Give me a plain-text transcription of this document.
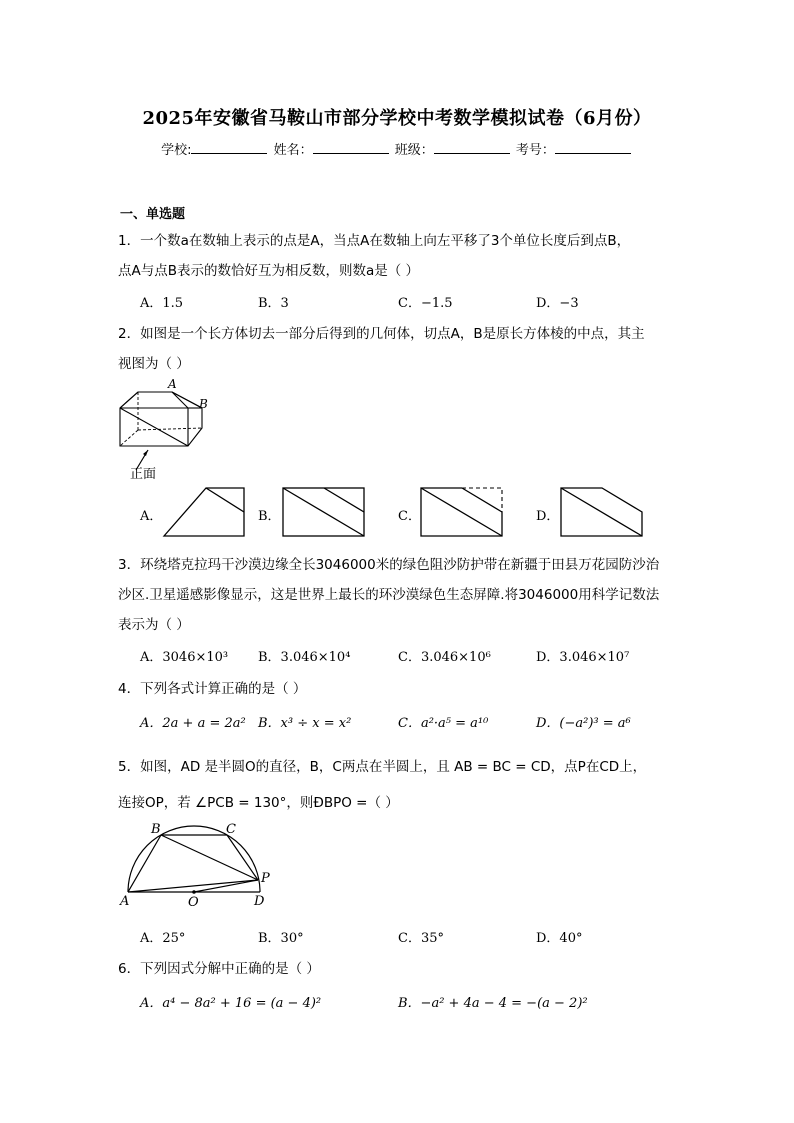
2025年安徽省马鞍山市部分学校中考数学模拟试卷（6月份）
学校:	姓名：	班级：	考号：
一、单选题
1．一个数a在数轴上表示的点是A，当点A在数轴上向左平移了3个单位长度后到点B，
点A与点B表示的数恰好互为相反数，则数a是（ ）
A．1.5	B．3	C．−1.5	D．−3
2．如图是一个长方体切去一部分后得到的几何体，切点A，B是原长方体棱的中点，其主
视图为（ ）
A
B
正面
A．	B．	C．	D．
3．环绕塔克拉玛干沙漠边缘全长3046000米的绿色阻沙防护带在新疆于田县万花园防沙治
沙区.卫星遥感影像显示，这是世界上最长的环沙漠绿色生态屏障.将3046000用科学记数法
表示为（ ）
A．3046×10³ B．3.046×10⁴	C．3.046×10⁶	D．3.046×10⁷
4．下列各式计算正确的是（ ）
A．2a + a = 2a² B．x³ ÷ x = x²	C．a²·a⁵ = a¹⁰	D．(−a²)³ = a⁶
5．如图，AD 是半圆O的直径，B，C两点在半圆上，且 AB = BC = CD，点P在CD上，
连接OP，若 ∠PCB = 130°，则ÐBPO =（ ）
B	C
A	O	D
P
A．25°	B．30°	C．35°	D．40°
6．下列因式分解中正确的是（ ）
A．a⁴ − 8a² + 16 = (a − 4)²	B．−a² + 4a − 4 = −(a − 2)²
